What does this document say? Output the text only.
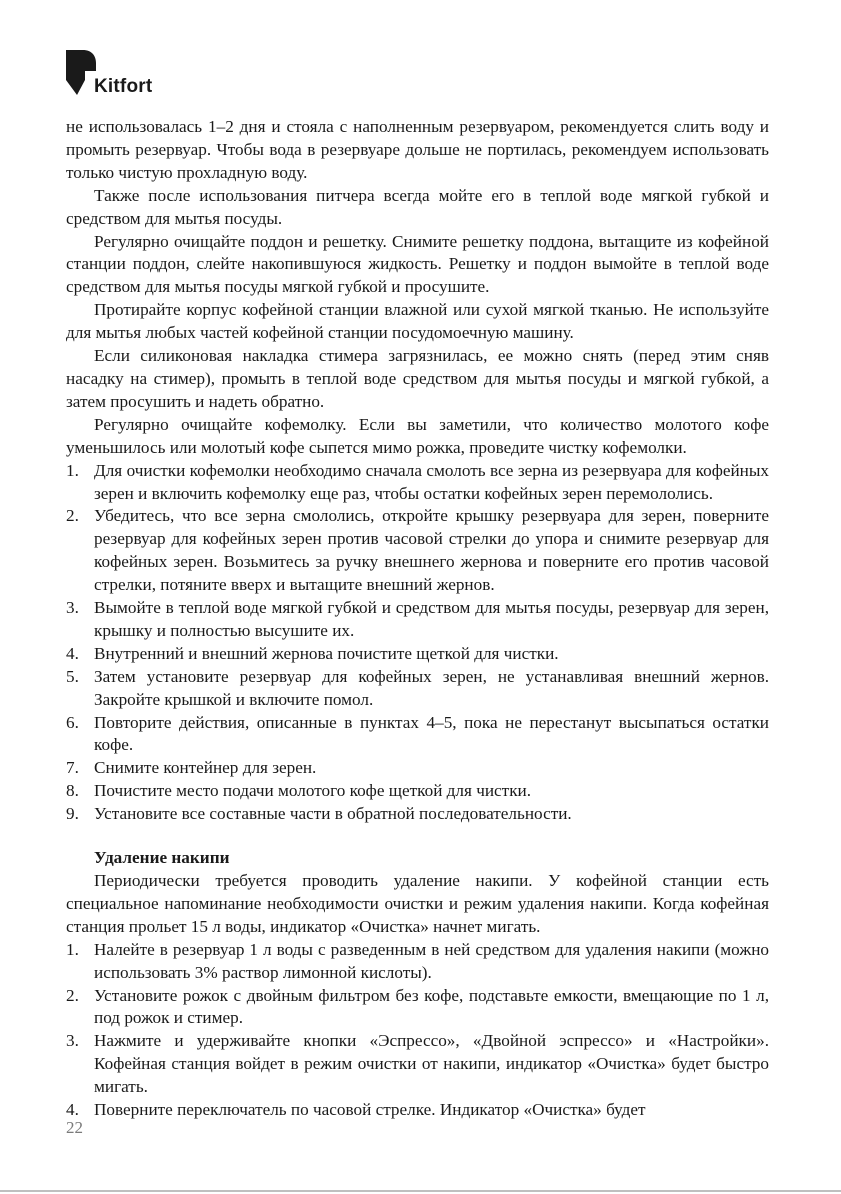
Kitfort

не использовалась 1–2 дня и стояла с наполненным резервуаром, рекомендуется слить воду и промыть резервуар. Чтобы вода в резервуаре дольше не портилась, рекомендуем использовать только чистую прохладную воду.

Также после использования питчера всегда мойте его в теплой воде мягкой губкой и средством для мытья посуды.

Регулярно очищайте поддон и решетку. Снимите решетку поддона, вытащите из кофейной станции поддон, слейте накопившуюся жидкость. Решетку и поддон вымойте в теплой воде средством для мытья посуды мягкой губкой и просушите.

Протирайте корпус кофейной станции влажной или сухой мягкой тканью. Не используйте для мытья любых частей кофейной станции посудомоечную машину.

Если силиконовая накладка стимера загрязнилась, ее можно снять (перед этим сняв насадку на стимер), промыть в теплой воде средством для мытья посуды и мягкой губкой, а затем просушить и надеть обратно.

Регулярно очищайте кофемолку. Если вы заметили, что количество молотого кофе уменьшилось или молотый кофе сыпется мимо рожка, проведите чистку кофемолки.

1. Для очистки кофемолки необходимо сначала смолоть все зерна из резервуара для кофейных зерен и включить кофемолку еще раз, чтобы остатки кофейных зерен перемололись.
2. Убедитесь, что все зерна смололись, откройте крышку резервуара для зерен, поверните резервуар для кофейных зерен против часовой стрелки до упора и снимите резервуар для кофейных зерен. Возьмитесь за ручку внешнего жернова и поверните его против часовой стрелки, потяните вверх и вытащите внешний жернов.
3. Вымойте в теплой воде мягкой губкой и средством для мытья посуды, резервуар для зерен, крышку и полностью высушите их.
4. Внутренний и внешний жернова почистите щеткой для чистки.
5. Затем установите резервуар для кофейных зерен, не устанавливая внешний жернов. Закройте крышкой и включите помол.
6. Повторите действия, описанные в пунктах 4–5, пока не перестанут высыпаться остатки кофе.
7. Снимите контейнер для зерен.
8. Почистите место подачи молотого кофе щеткой для чистки.
9. Установите все составные части в обратной последовательности.

Удаление накипи

Периодически требуется проводить удаление накипи. У кофейной станции есть специальное напоминание необходимости очистки и режим удаления накипи. Когда кофейная станция прольет 15 л воды, индикатор «Очистка» начнет мигать.

1. Налейте в резервуар 1 л воды с разведенным в ней средством для удаления накипи (можно использовать 3% раствор лимонной кислоты).
2. Установите рожок с двойным фильтром без кофе, подставьте емкости, вмещающие по 1 л, под рожок и стимер.
3. Нажмите и удерживайте кнопки «Эспрессо», «Двойной эспрессо» и «Настройки». Кофейная станция войдет в режим очистки от накипи, индикатор «Очистка» будет быстро мигать.
4. Поверните переключатель по часовой стрелке. Индикатор «Очистка» будет
22
